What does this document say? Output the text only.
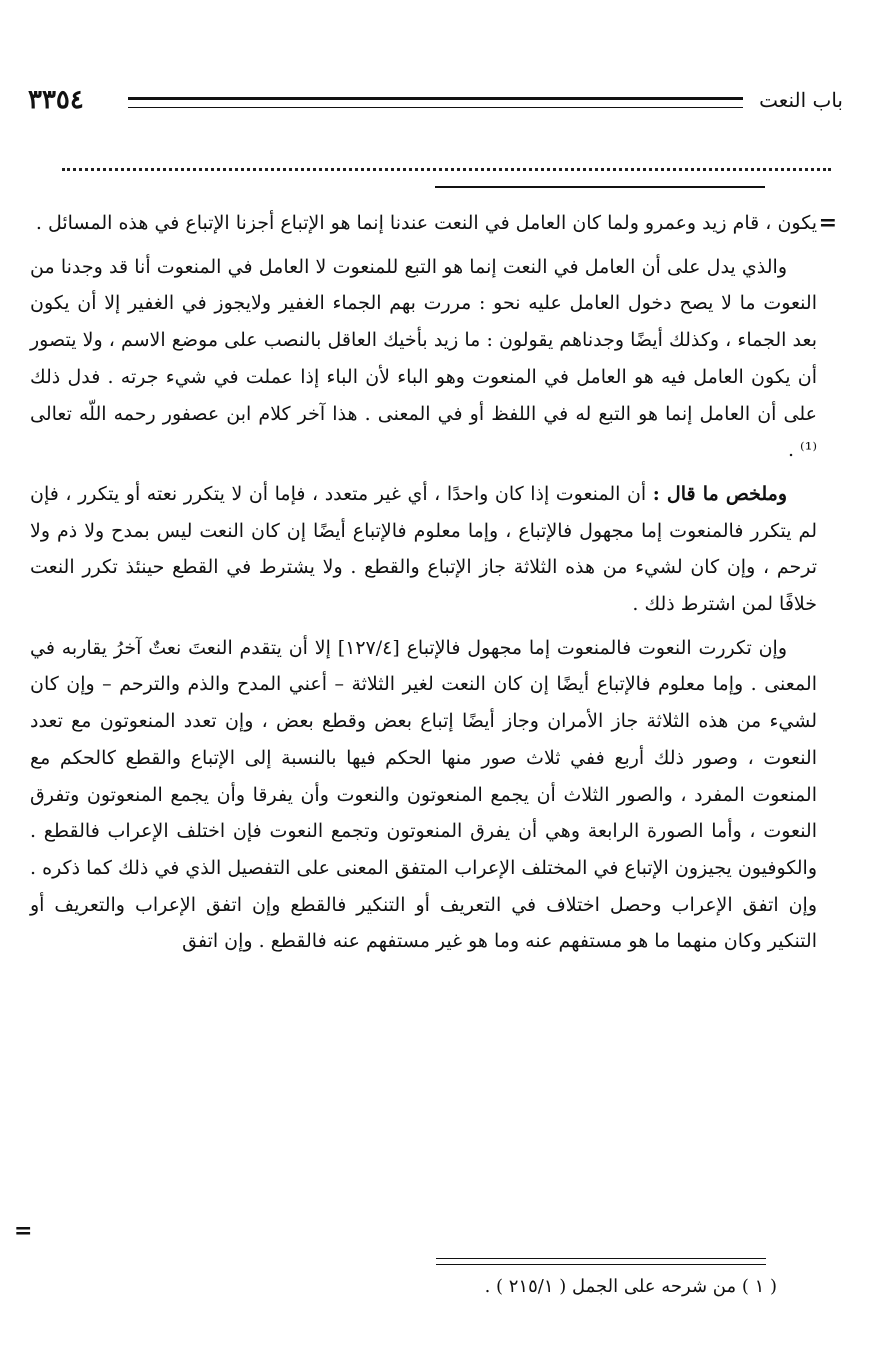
٣٣٥٤	باب النعت
=

يكون ، قام زيد وعمرو ولما كان العامل في النعت عندنا إنما هو الإتباع أجزنا الإتباع في هذه المسائل .

والذي يدل على أن العامل في النعت إنما هو التبع للمنعوت لا العامل في المنعوت أنا قد وجدنا من النعوت ما لا يصح دخول العامل عليه نحو : مررت بهم الجماء الغفير ولايجوز في الغفير إلا أن يكون بعد الجماء ، وكذلك أيضًا وجدناهم يقولون : ما زيد بأخيك العاقل بالنصب على موضع الاسم ، ولا يتصور أن يكون العامل فيه هو العامل في المنعوت وهو الباء لأن الباء إذا عملت في شيء جرته . فدل ذلك على أن العامل إنما هو التبع له في اللفظ أو في المعنى . هذا آخر كلام ابن عصفور رحمه اللّه تعالى ⁽¹⁾ .

وملخص ما قال : أن المنعوت إذا كان واحدًا ، أي غير متعدد ، فإما أن لا يتكرر نعته أو يتكرر ، فإن لم يتكرر فالمنعوت إما مجهول فالإتباع ، وإما معلوم فالإتباع أيضًا إن كان النعت ليس بمدح ولا ذم ولا ترحم ، وإن كان لشيء من هذه الثلاثة جاز الإتباع والقطع . ولا يشترط في القطع حينئذ تكرر النعت خلافًا لمن اشترط ذلك .

وإن تكررت النعوت فالمنعوت إما مجهول فالإتباع [١٢٧/٤] إلا أن يتقدم النعتَ نعتٌ آخرُ يقاربه في المعنى . وإما معلوم فالإتباع أيضًا إن كان النعت لغير الثلاثة – أعني المدح والذم والترحم – وإن كان لشيء من هذه الثلاثة جاز الأمران وجاز أيضًا إتباع بعض وقطع بعض ، وإن تعدد المنعوتون مع تعدد النعوت ، وصور ذلك أربع ففي ثلاث صور منها الحكم فيها بالنسبة إلى الإتباع والقطع كالحكم مع المنعوت المفرد ، والصور الثلاث أن يجمع المنعوتون والنعوت وأن يفرقا وأن يجمع المنعوتون وتفرق النعوت ، وأما الصورة الرابعة وهي أن يفرق المنعوتون وتجمع النعوت فإن اختلف الإعراب فالقطع . والكوفيون يجيزون الإتباع في المختلف الإعراب المتفق المعنى على التفصيل الذي في ذلك كما ذكره . وإن اتفق الإعراب وحصل اختلاف في التعريف أو التنكير فالقطع وإن اتفق الإعراب والتعريف أو التنكير وكان منهما ما هو مستفهم عنه وما هو غير مستفهم عنه فالقطع . وإن اتفق

=
( ١ ) من شرحه على الجمل ( ٢١٥/١ ) .
